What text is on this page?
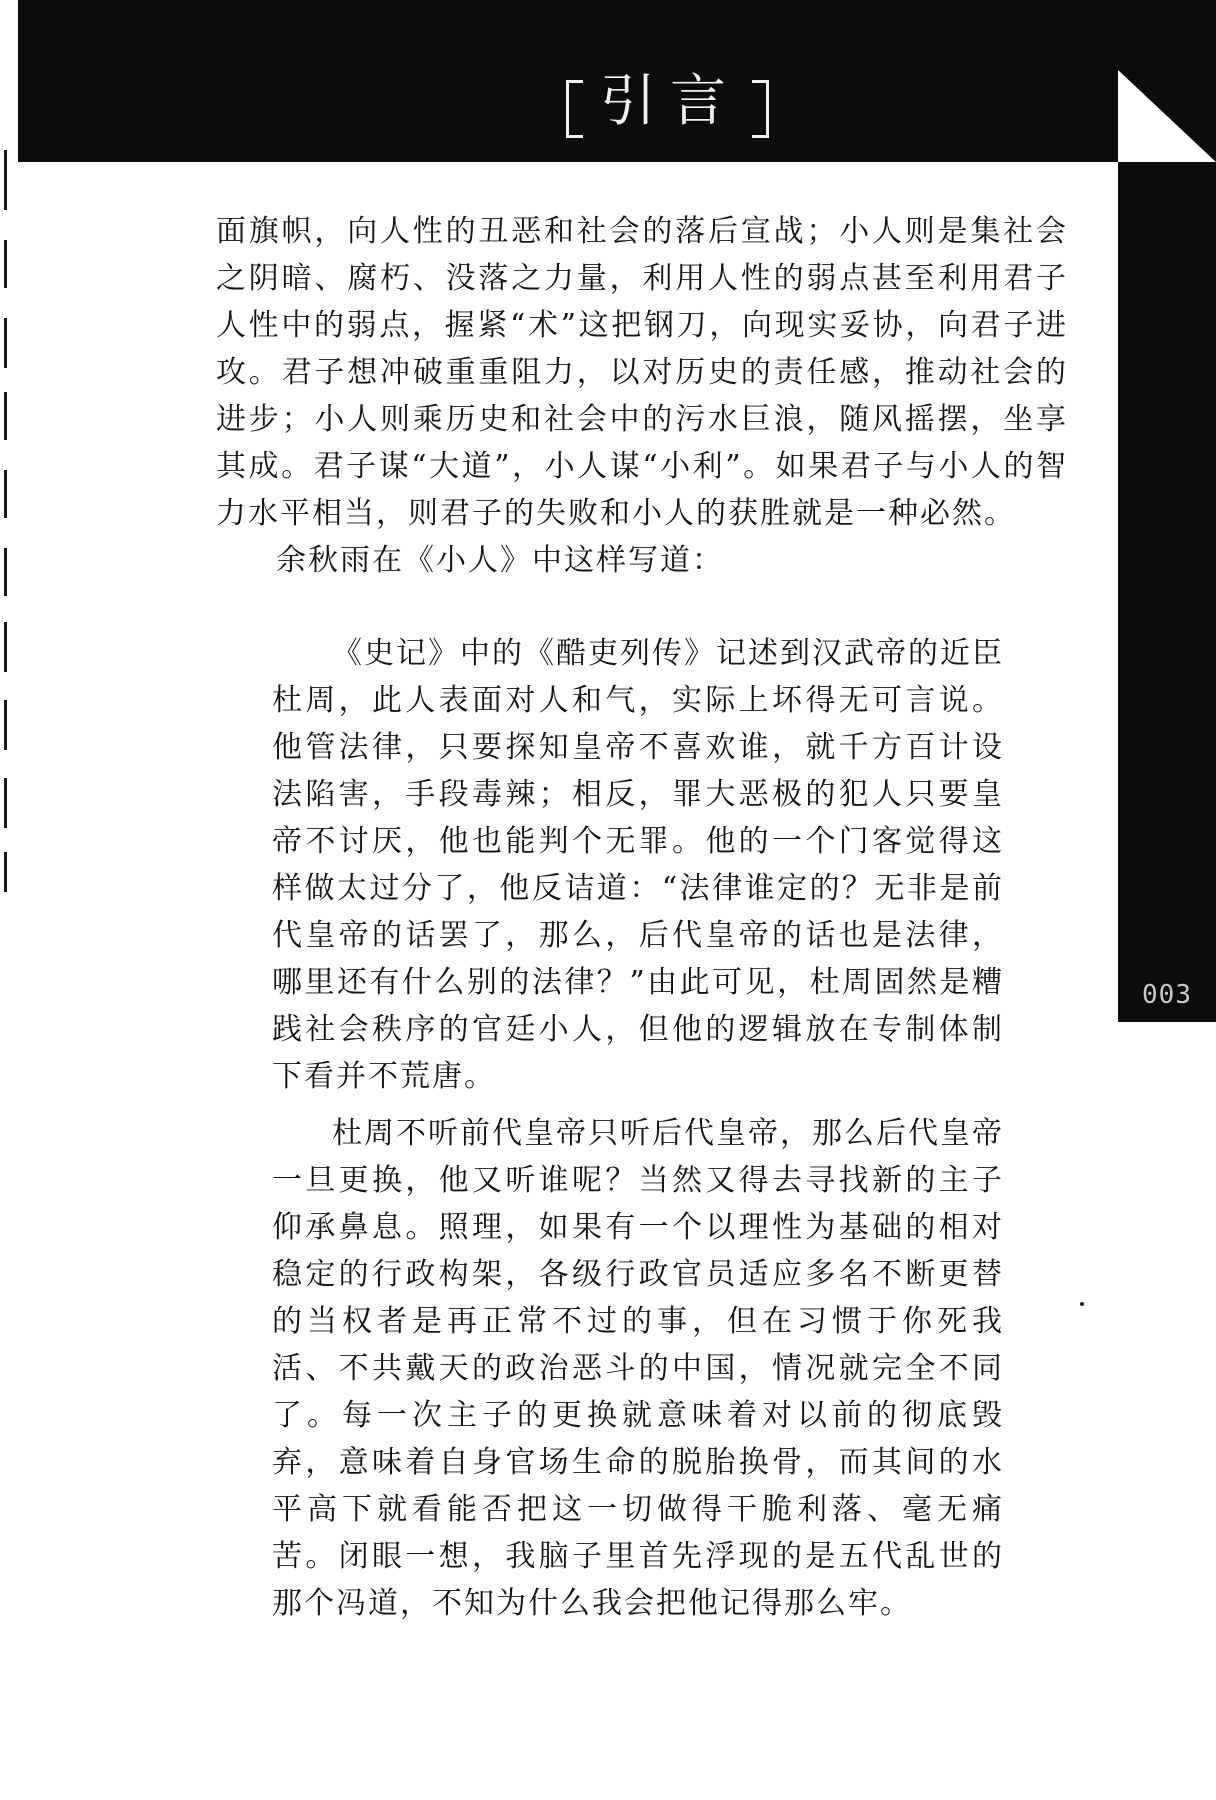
引言
003

面旗帜，向人性的丑恶和社会的落后宣战；小人则是集社会之阴暗、腐朽、没落之力量，利用人性的弱点甚至利用君子人性中的弱点，握紧“术”这把钢刀，向现实妥协，向君子进攻。君子想冲破重重阻力，以对历史的责任感，推动社会的进步；小人则乘历史和社会中的污水巨浪，随风摇摆，坐享其成。君子谋“大道”，小人谋“小利”。如果君子与小人的智力水平相当，则君子的失败和小人的获胜就是一种必然。

余秋雨在《小人》中这样写道：

《史记》中的《酷吏列传》记述到汉武帝的近臣杜周，此人表面对人和气，实际上坏得无可言说。他管法律，只要探知皇帝不喜欢谁，就千方百计设法陷害，手段毒辣；相反，罪大恶极的犯人只要皇帝不讨厌，他也能判个无罪。他的一个门客觉得这样做太过分了，他反诘道：“法律谁定的？无非是前代皇帝的话罢了，那么，后代皇帝的话也是法律，哪里还有什么别的法律？”由此可见，杜周固然是糟践社会秩序的官廷小人，但他的逻辑放在专制体制下看并不荒唐。

杜周不听前代皇帝只听后代皇帝，那么后代皇帝一旦更换，他又听谁呢？当然又得去寻找新的主子仰承鼻息。照理，如果有一个以理性为基础的相对稳定的行政构架，各级行政官员适应多名不断更替的当权者是再正常不过的事，但在习惯于你死我活、不共戴天的政治恶斗的中国，情况就完全不同了。每一次主子的更换就意味着对以前的彻底毁弃，意味着自身官场生命的脱胎换骨，而其间的水平高下就看能否把这一切做得干脆利落、毫无痛苦。闭眼一想，我脑子里首先浮现的是五代乱世的那个冯道，不知为什么我会把他记得那么牢。
